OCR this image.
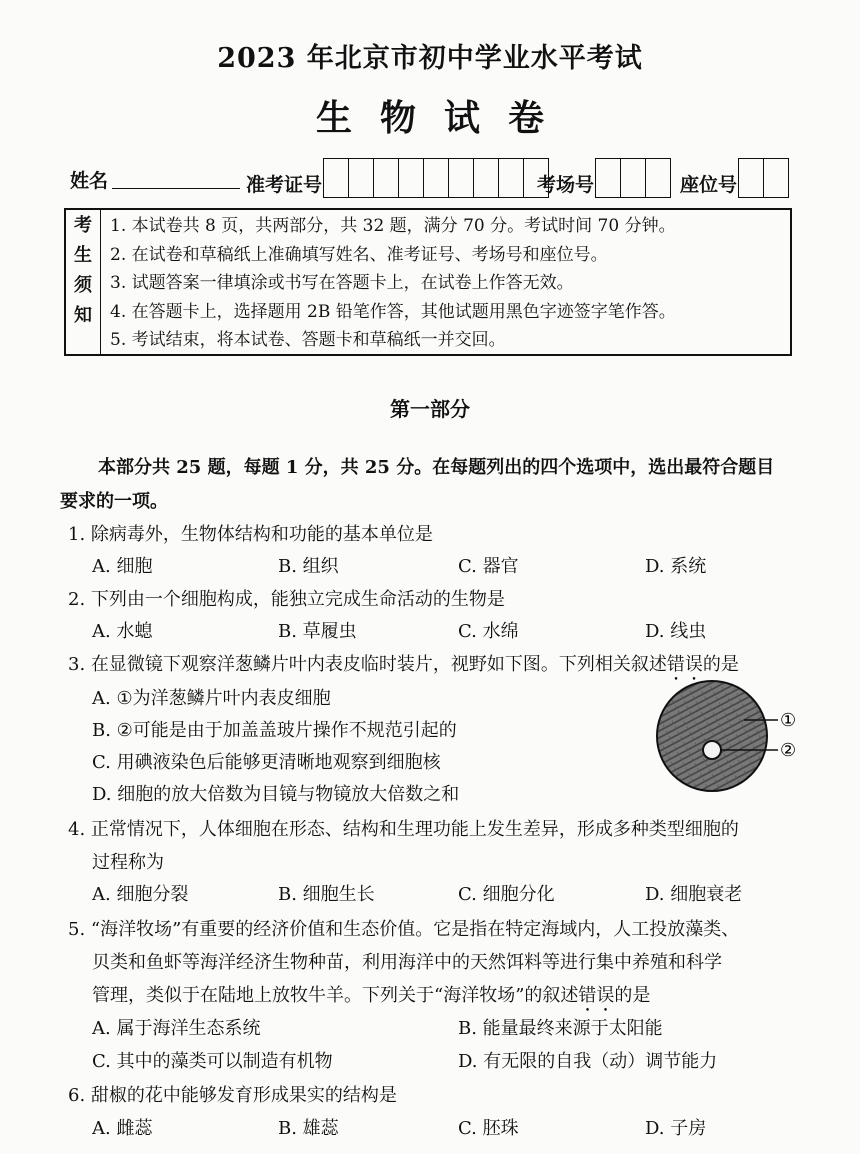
2023 年北京市初中学业水平考试
生物试卷
姓名	准考证号	考场号	座位号
考
生
须
知
1. 本试卷共 8 页，共两部分，共 32 题，满分 70 分。考试时间 70 分钟。
2. 在试卷和草稿纸上准确填写姓名、准考证号、考场号和座位号。
3. 试题答案一律填涂或书写在答题卡上，在试卷上作答无效。
4. 在答题卡上，选择题用 2B 铅笔作答，其他试题用黑色字迹签字笔作答。
5. 考试结束，将本试卷、答题卡和草稿纸一并交回。
第一部分
本部分共 25 题，每题 1 分，共 25 分。在每题列出的四个选项中，选出最符合题目
要求的一项。
1. 除病毒外，生物体结构和功能的基本单位是
A. 细胞	B. 组织	C. 器官	D. 系统
2. 下列由一个细胞构成，能独立完成生命活动的生物是
A. 水螅	B. 草履虫	C. 水绵	D. 线虫
3. 在显微镜下观察洋葱鳞片叶内表皮临时装片，视野如下图。下列相关叙述错误的是
A. ①为洋葱鳞片叶内表皮细胞
B. ②可能是由于加盖盖玻片操作不规范引起的
C. 用碘液染色后能够更清晰地观察到细胞核
D. 细胞的放大倍数为目镜与物镜放大倍数之和
①
②
4. 正常情况下，人体细胞在形态、结构和生理功能上发生差异，形成多种类型细胞的
过程称为
A. 细胞分裂	B. 细胞生长	C. 细胞分化	D. 细胞衰老
5. “海洋牧场”有重要的经济价值和生态价值。它是指在特定海域内，人工投放藻类、
贝类和鱼虾等海洋经济生物种苗，利用海洋中的天然饵料等进行集中养殖和科学
管理，类似于在陆地上放牧牛羊。下列关于“海洋牧场”的叙述错误的是
A. 属于海洋生态系统	B. 能量最终来源于太阳能
C. 其中的藻类可以制造有机物	D. 有无限的自我（动）调节能力
6. 甜椒的花中能够发育形成果实的结构是
A. 雌蕊	B. 雄蕊	C. 胚珠	D. 子房
